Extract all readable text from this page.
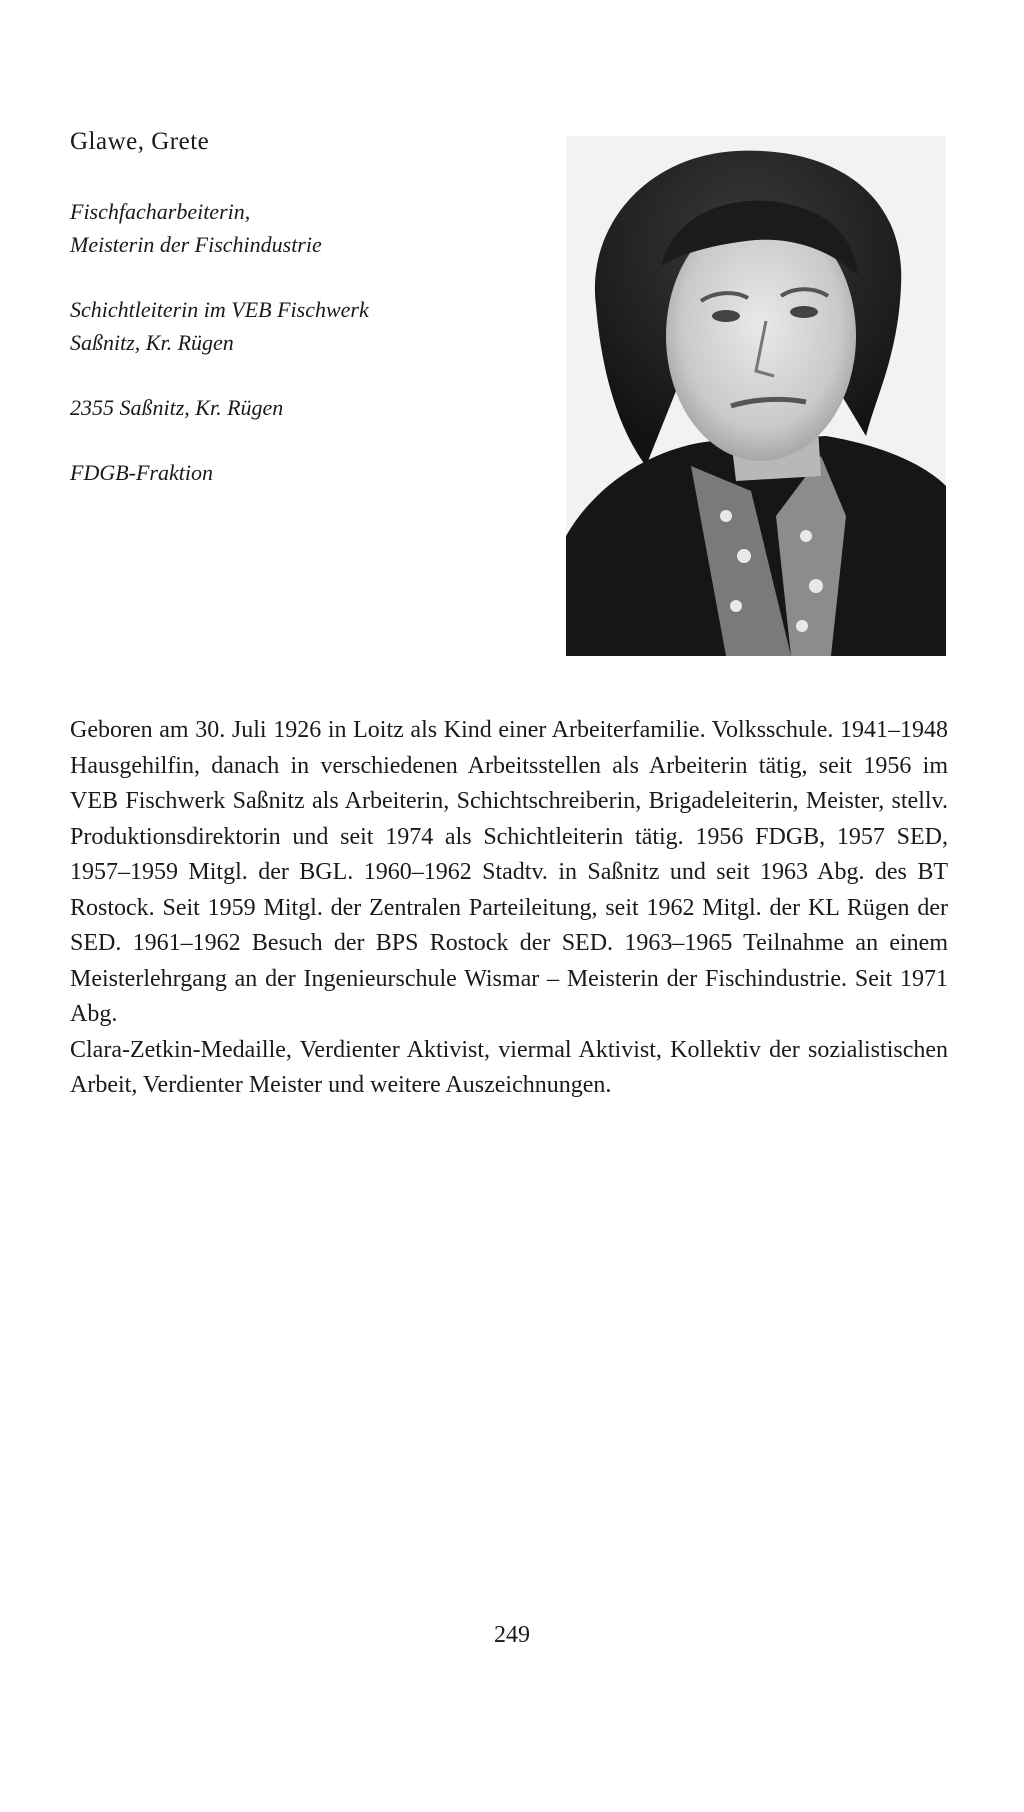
Glawe, Grete
Fischfacharbeiterin,
Meisterin der Fischindustrie
Schichtleiterin im VEB Fischwerk
Saßnitz, Kr. Rügen
2355 Saßnitz, Kr. Rügen
FDGB-Fraktion

Geboren am 30. Juli 1926 in Loitz als Kind einer Arbeiterfamilie. Volksschule. 1941–1948 Hausgehilfin, danach in verschiedenen Arbeitsstellen als Arbeiterin tätig, seit 1956 im VEB Fischwerk Saßnitz als Arbeiterin, Schichtschreiberin, Brigadeleiterin, Meister, stellv. Produktionsdirektorin und seit 1974 als Schichtleiterin tätig. 1956 FDGB, 1957 SED, 1957–1959 Mitgl. der BGL. 1960–1962 Stadtv. in Saßnitz und seit 1963 Abg. des BT Rostock. Seit 1959 Mitgl. der Zentralen Parteileitung, seit 1962 Mitgl. der KL Rügen der SED. 1961–1962 Besuch der BPS Rostock der SED. 1963–1965 Teilnahme an einem Meisterlehrgang an der Ingenieurschule Wismar – Meisterin der Fischindustrie. Seit 1971 Abg.

Clara-Zetkin-Medaille, Verdienter Aktivist, viermal Aktivist, Kollektiv der sozialistischen Arbeit, Verdienter Meister und weitere Auszeichnungen.

249
